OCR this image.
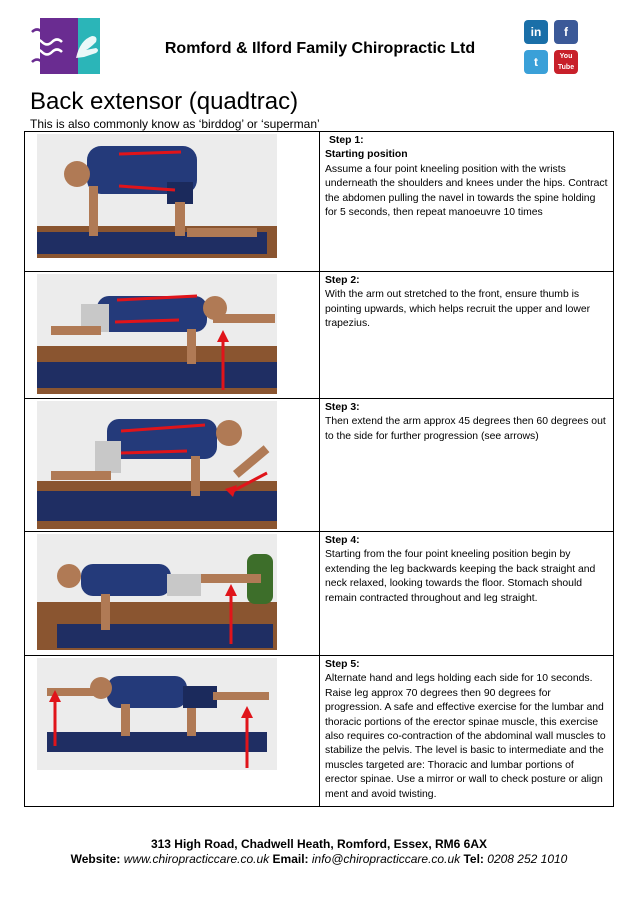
Romford & Ilford Family Chiropractic Ltd
in	f
t	You Tube
Back extensor (quadtrac)
This is also commonly know as ‘birddog’ or ‘superman’

Step 1:
Starting position
Assume a four point kneeling position with the wrists underneath the shoulders and knees under the hips. Contract the abdomen pulling the navel in towards the spine holding for 5 seconds, then repeat manoeuvre 10 times

Step 2:
With the arm out stretched to the front, ensure thumb is pointing upwards, which helps recruit the upper and lower trapezius.

Step 3:
Then extend the arm approx 45 degrees then 60 degrees out to the side for further progression (see arrows)

Step 4:
Starting from the four point kneeling position begin by extending the leg backwards keeping the back straight and neck relaxed, looking towards the floor. Stomach should remain contracted throughout and leg straight.

Step 5:
Alternate hand and legs holding each side for 10 seconds. Raise leg approx 70 degrees then 90 degrees for progression. A safe and effective exercise for the lumbar and thoracic portions of the erector spinae muscle, this exercise also requires co-contraction of the abdominal wall muscles to stabilize the pelvis. The level is basic to intermediate and the muscles targeted are: Thoracic and lumbar portions of erector spinae. Use a mirror or wall to check posture or align ment and avoid twisting.
313 High Road, Chadwell Heath, Romford, Essex, RM6 6AX
Website: www.chiropracticcare.co.uk Email: info@chiropracticcare.co.uk Tel: 0208 252 1010
